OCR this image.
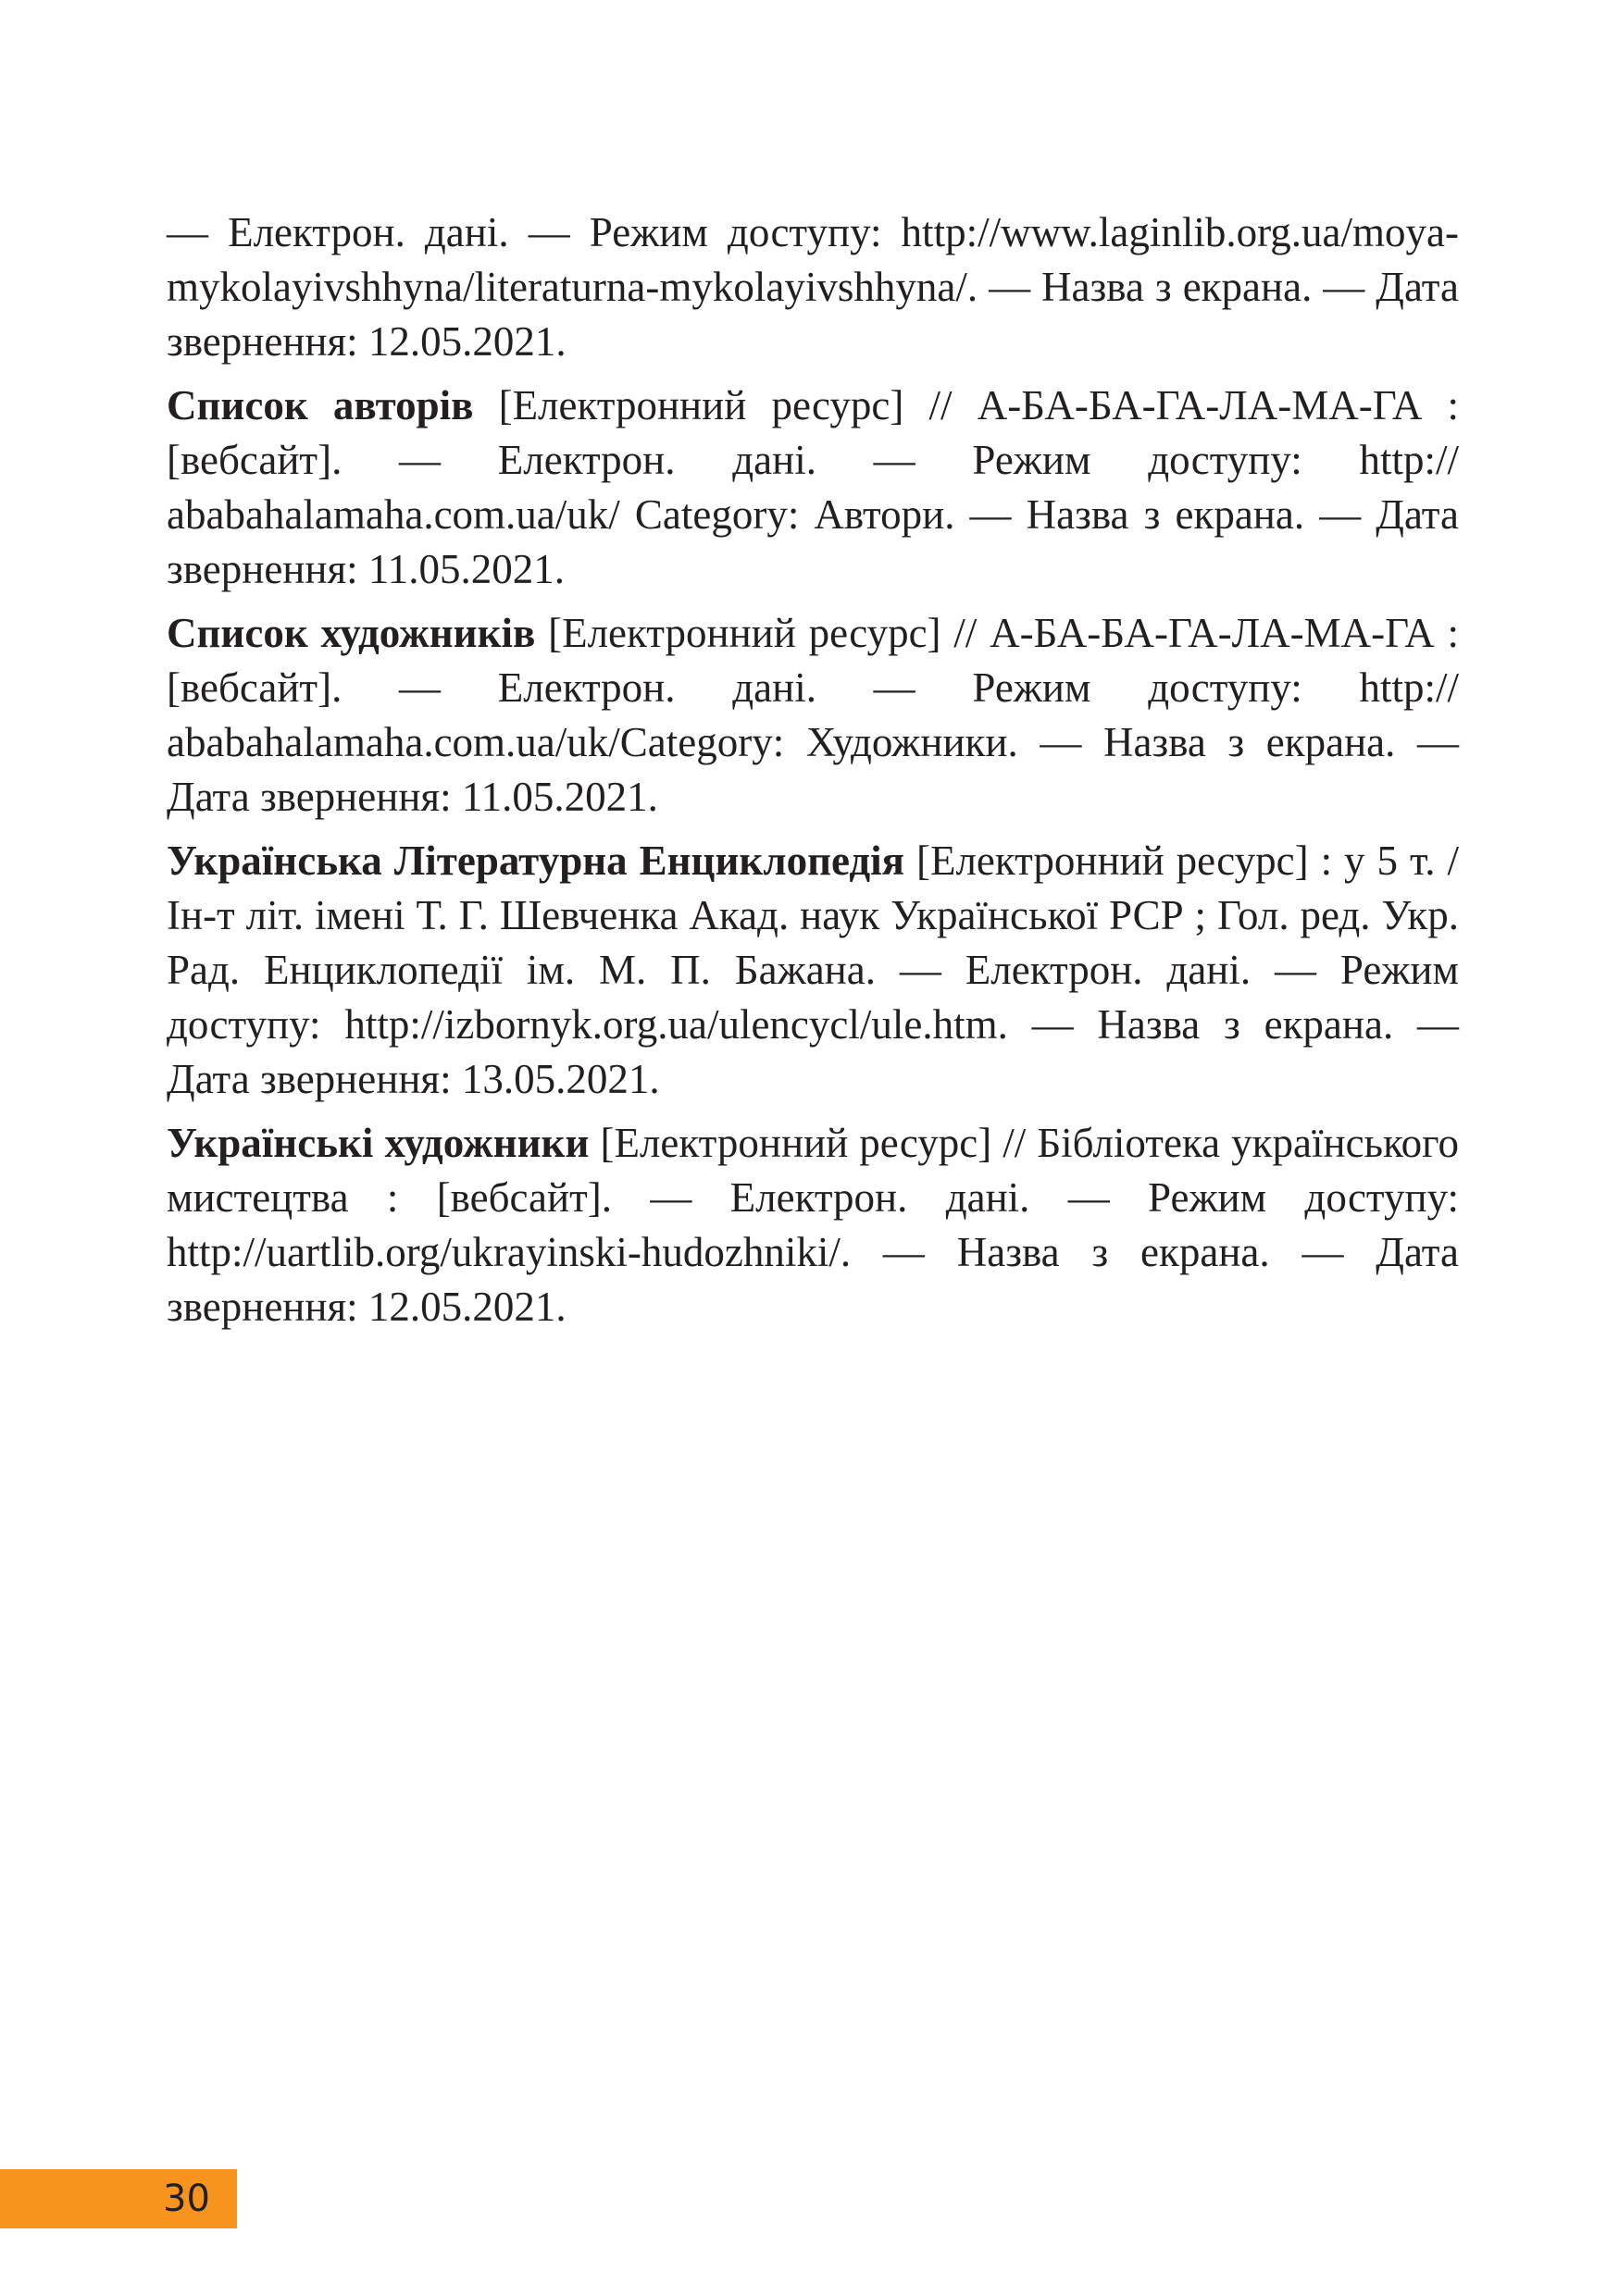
— Електрон. дані. — Режим доступу: http://www.laginlib.org.ua/moya-mykolayivshhyna/literaturna-mykolayivshhyna/. — Назва з екрана. — Дата звернення: 12.05.2021.

Список авторів [Електронний ресурс] // А-БА-БА-ГА-ЛА-МА-ГА : [вебсайт]. — Електрон. дані. — Режим доступу: http:// ababahalamaha.com.ua/uk/ Category: Автори. — Назва з екрана. — Дата звернення: 11.05.2021.

Список художників [Електронний ресурс] // А-БА-БА-ГА-ЛА-МА-ГА : [вебсайт]. — Електрон. дані. — Режим доступу: http:// ababahalamaha.com.ua/uk/Category: Художники. — Назва з екрана. — Дата звернення: 11.05.2021.

Українська Літературна Енциклопедія [Електронний ресурс] : у 5 т. / Ін-т літ. імені Т. Г. Шевченка Акад. наук Української РСР ; Гол. ред. Укр. Рад. Енциклопедії ім. М. П. Бажана. — Електрон. дані. — Режим доступу: http://izbornyk.org.ua/ulencycl/ule.htm. — Назва з екрана. — Дата звернення: 13.05.2021.

Українські художники [Електронний ресурс] // Бібліотека українського мистецтва : [вебсайт]. — Електрон. дані. — Режим доступу: http://uartlib.org/ukrayinski-hudozhniki/. — Назва з екрана. — Дата звернення: 12.05.2021.

30
